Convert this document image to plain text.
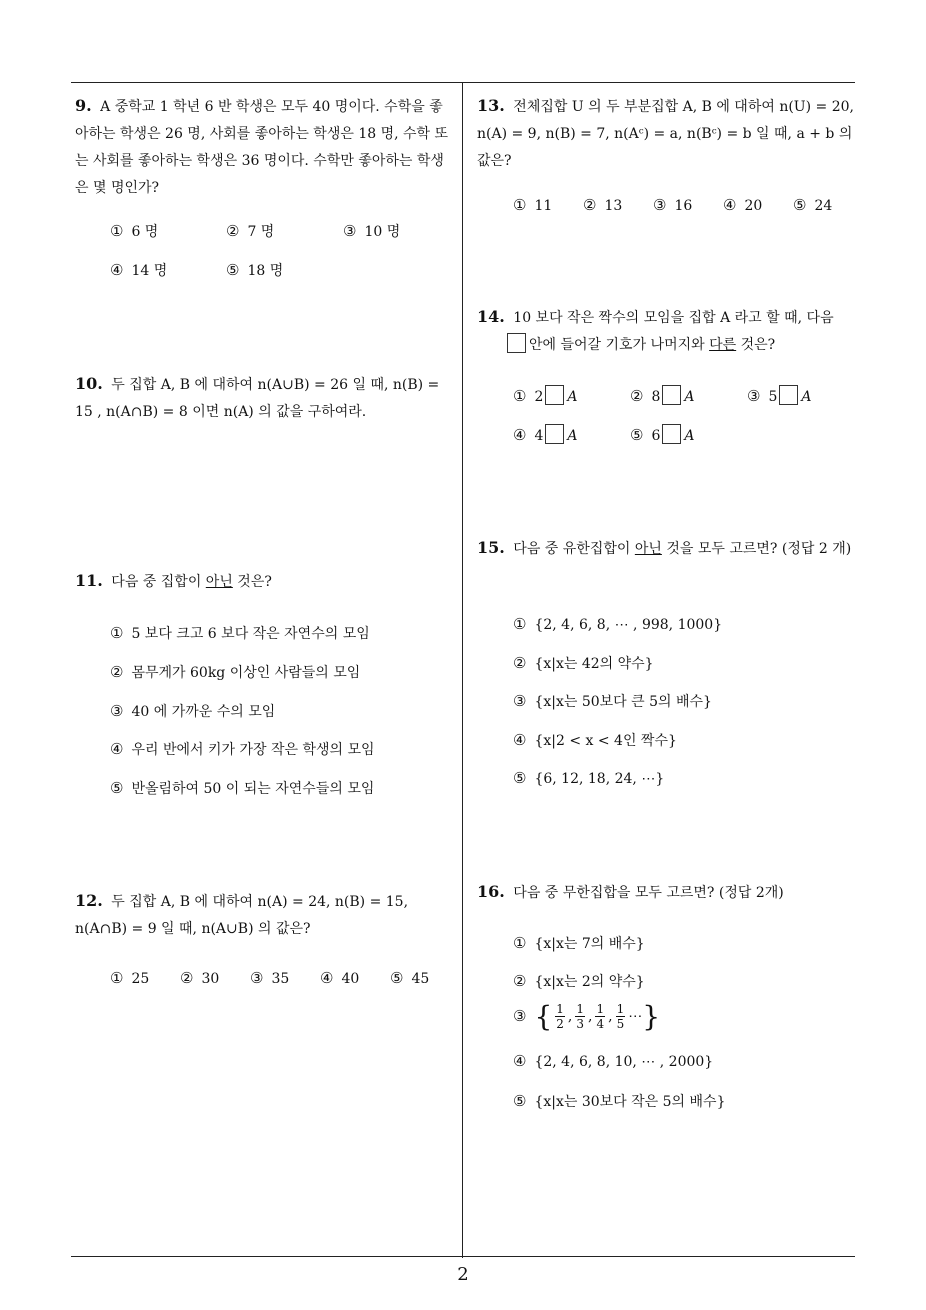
9. A 중학교 1 학년 6 반 학생은 모두 40 명이다. 수학을 좋아하는 학생은 26 명, 사회를 좋아하는 학생은 18 명, 수학 또는 사회를 좋아하는 학생은 36 명이다. 수학만 좋아하는 학생은 몇 명인가?
① 6 명	② 7 명	③ 10 명
④ 14 명	⑤ 18 명
10. 두 집합 A, B 에 대하여 n(A∪B) = 26 일 때, n(B) = 15 , n(A∩B) = 8 이면 n(A) 의 값을 구하여라.
11. 다음 중 집합이 아닌 것은?
① 5 보다 크고 6 보다 작은 자연수의 모임
② 몸무게가 60kg 이상인 사람들의 모임
③ 40 에 가까운 수의 모임
④ 우리 반에서 키가 가장 작은 학생의 모임
⑤ 반올림하여 50 이 되는 자연수들의 모임
12. 두 집합 A, B 에 대하여 n(A) = 24, n(B) = 15, n(A∩B) = 9 일 때, n(A∪B) 의 값은?
① 25 ② 30 ③ 35 ④ 40 ⑤ 45
13. 전체집합 U 의 두 부분집합 A, B 에 대하여 n(U) = 20, n(A) = 9, n(B) = 7, n(Aᶜ) = a, n(Bᶜ) = b 일 때, a + b 의 값은?
① 11 ② 13 ③ 16 ④ 20 ⑤ 24
14. 10 보다 작은 짝수의 모임을 집합 A 라고 할 때, 다음
안에 들어갈 기호가 나머지와 다른 것은?
① 2 A	② 8 A	③ 5 A
④ 4 A	⑤ 6 A
15. 다음 중 유한집합이 아닌 것을 모두 고르면? (정답 2 개)
① {2, 4, 6, 8, ⋯ , 998, 1000}
② {x|x는 42의 약수}
③ {x|x는 50보다 큰 5의 배수}
④ {x|2 < x < 4인 짝수}
⑤ {6, 12, 18, 24, ⋯}
16. 다음 중 무한집합을 모두 고르면? (정답 2개)
① {x|x는 7의 배수}
② {x|x는 2의 약수}
③ { $\frac{1}{2}$ , $\frac{1}{3}$ , $\frac{1}{4}$ , $\frac{1}{5}$ ⋯}
④ {2, 4, 6, 8, 10, ⋯ , 2000}
⑤ {x|x는 30보다 작은 5의 배수}
2
